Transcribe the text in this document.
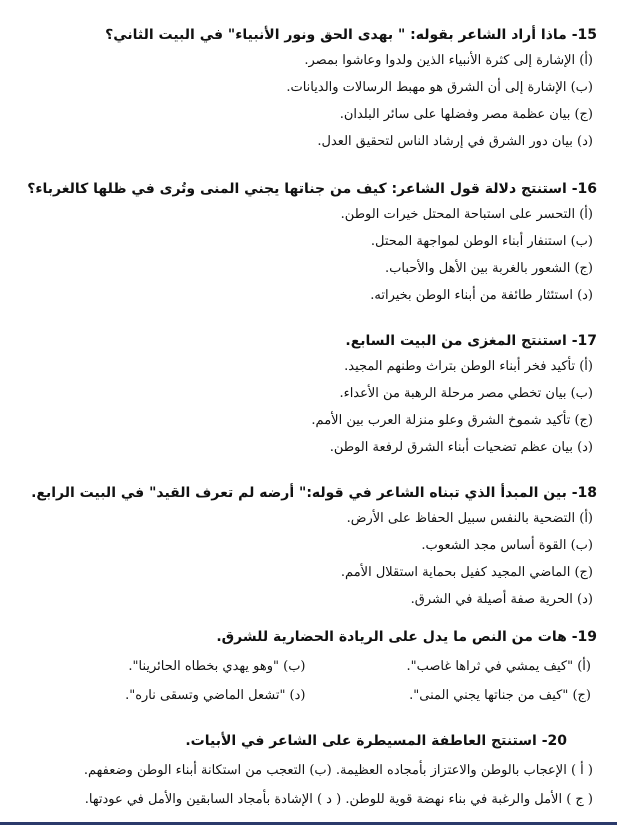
15- ماذا أراد الشاعر بقوله: " بهدى الحق ونور الأنبياء" في البيت الثاني؟
(أ) الإشارة إلى كثرة الأنبياء الذين ولدوا وعاشوا بمصر.
(ب) الإشارة إلى أن الشرق هو مهبط الرسالات والديانات.
(ج) بيان عظمة مصر وفضلها على سائر البلدان.
(د) بيان دور الشرق في إرشاد الناس لتحقيق العدل.
16- استنتج دلالة قول الشاعر: كيف من جناتها يجني المنى وتُرى في ظلها كالغرباء؟
(أ) التحسر على استباحة المحتل خيرات الوطن.
(ب) استنفار أبناء الوطن لمواجهة المحتل.
(ج) الشعور بالغربة بين الأهل والأحباب.
(د) استئثار طائفة من أبناء الوطن بخيراته.
17- استنتج المغزى من البيت السابع.
(أ) تأكيد فخر أبناء الوطن بتراث وطنهم المجيد.
(ب) بيان تخطي مصر مرحلة الرهبة من الأعداء.
(ج) تأكيد شموخ الشرق وعلو منزلة العرب بين الأمم.
(د) بيان عظم تضحيات أبناء الشرق لرفعة الوطن.
18- بين المبدأ الذي تبناه الشاعر في قوله:" أرضه لم تعرف القيد" في البيت الرابع.
(أ) التضحية بالنفس سبيل الحفاظ على الأرض.
(ب) القوة أساس مجد الشعوب.
(ج) الماضي المجيد كفيل بحماية استقلال الأمم.
(د) الحرية صفة أصيلة في الشرق.
19- هات من النص ما يدل على الريادة الحضارية للشرق.
(أ) "كيف يمشي في ثراها غاصب".
(ب) "وهو يهدي بخطاه الحائرينا".
(ج) "كيف من جناتها يجني المنى".
(د) "تشعل الماضي وتسقى ناره".
20- استنتج العاطفة المسيطرة على الشاعر في الأبيات.
( أ ) الإعجاب بالوطن والاعتزاز بأمجاده العظيمة. (ب) التعجب من استكانة أبناء الوطن وضعفهم.
( ج ) الأمل والرغبة في بناء نهضة قوية للوطن. ( د ) الإشادة بأمجاد السابقين والأمل في عودتها.
